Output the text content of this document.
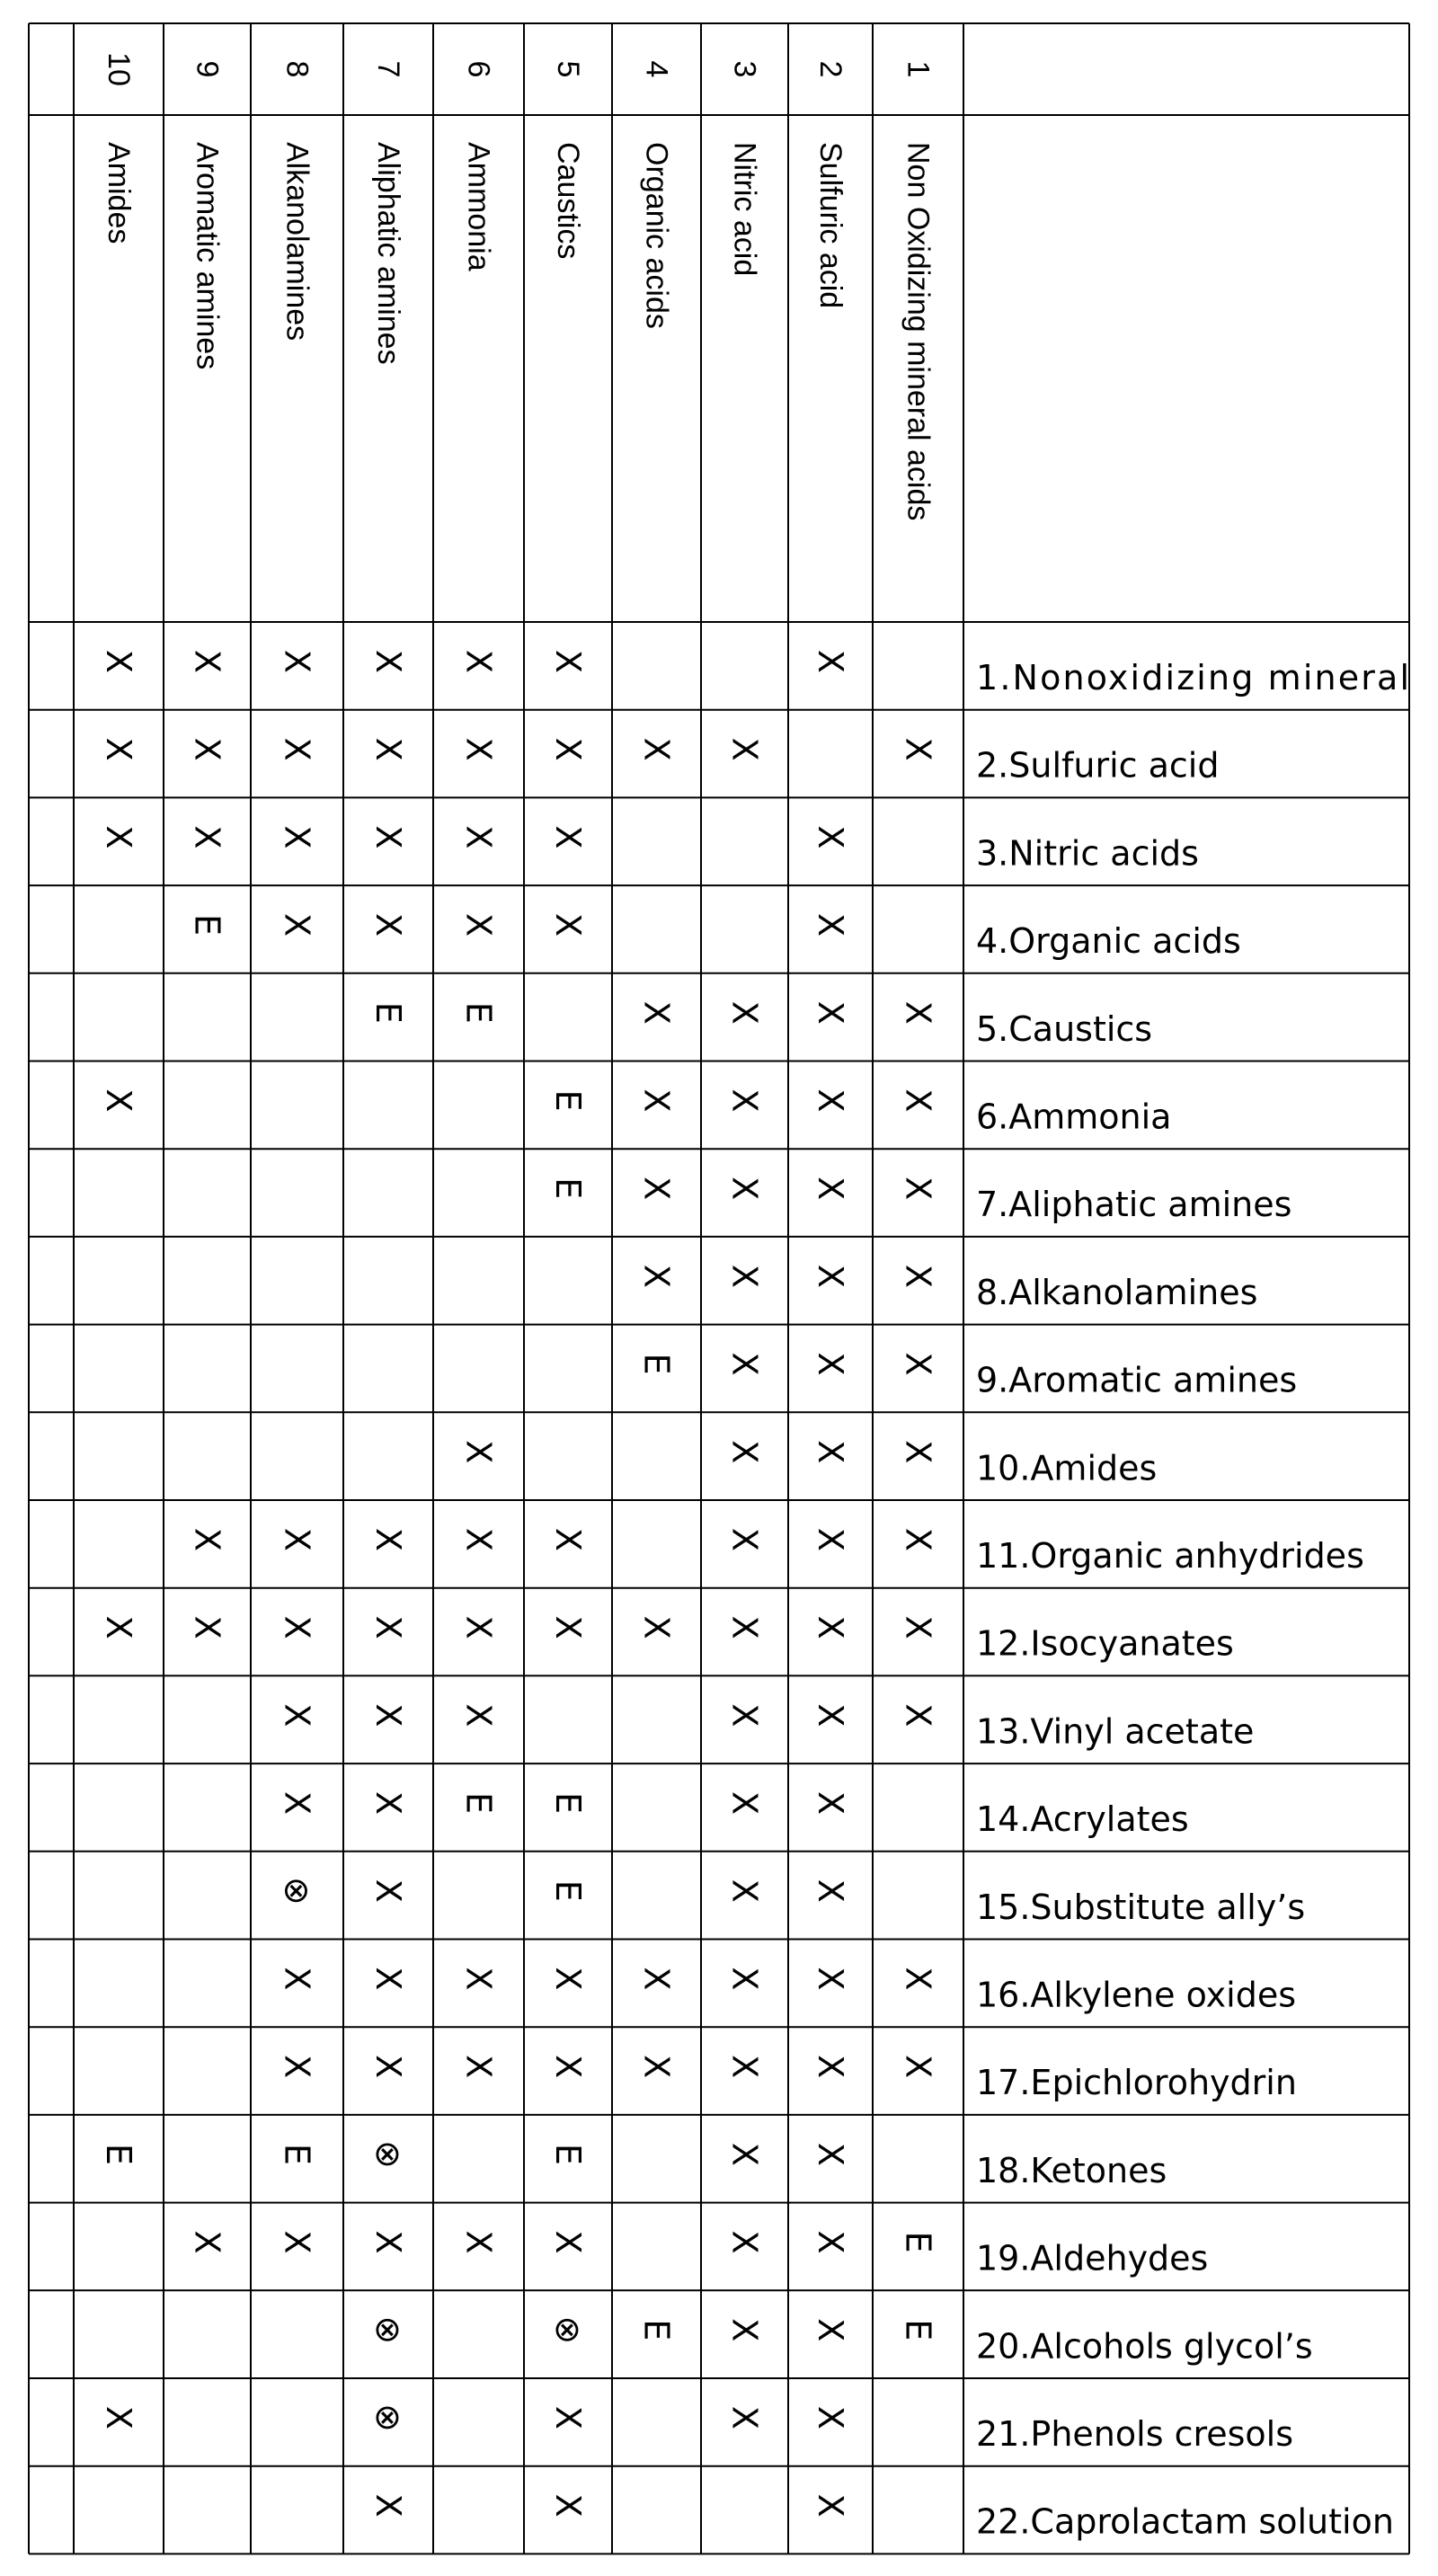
1
Non Oxidizing mineral acids
2
Sulfuric acid
3
Nitric acid
4
Organic acids
5
Caustics
6
Ammonia
7
Aliphatic amines
8
Alkanolamines
9
Aromatic amines
10
Amides
1.Nonoxidizing mineral
2.Sulfuric acid
3.Nitric acids
4.Organic acids
5.Caustics
6.Ammonia
7.Aliphatic amines
8.Alkanolamines
9.Aromatic amines
10.Amides
11.Organic anhydrides
12.Isocyanates
13.Vinyl acetate
14.Acrylates
15.Substitute ally’s
16.Alkylene oxides
17.Epichlorohydrin
18.Ketones
19.Aldehydes
20.Alcohols glycol’s
21.Phenols cresols
22.Caprolactam solution
X
X
X
X
X
X
X
X
X
X
X
X
X
X
X
X
X
X
X
X
X
X
X
X
X
X
X
X
E
X
X
X
X
E
E
X
X
X
X
E
X
X
X
X
X
E
X
X
X
X
X
X
X
E
X
X
X
X
X
X
X
X
X
X
X
X
X
X
X
X
X
X
X
X
X
X
X
X
X
X
X
X
X
X
E
E
X
X
X
X
E
X
⊗
X
X
X
X
X
X
X
X
X
X
X
X
X
X
X
X
X
X
E
⊗
E
E
E
X
X
X
X
X
X
X
E
X
X
E
⊗
⊗
X
X
X
⊗
X
X
X
X
